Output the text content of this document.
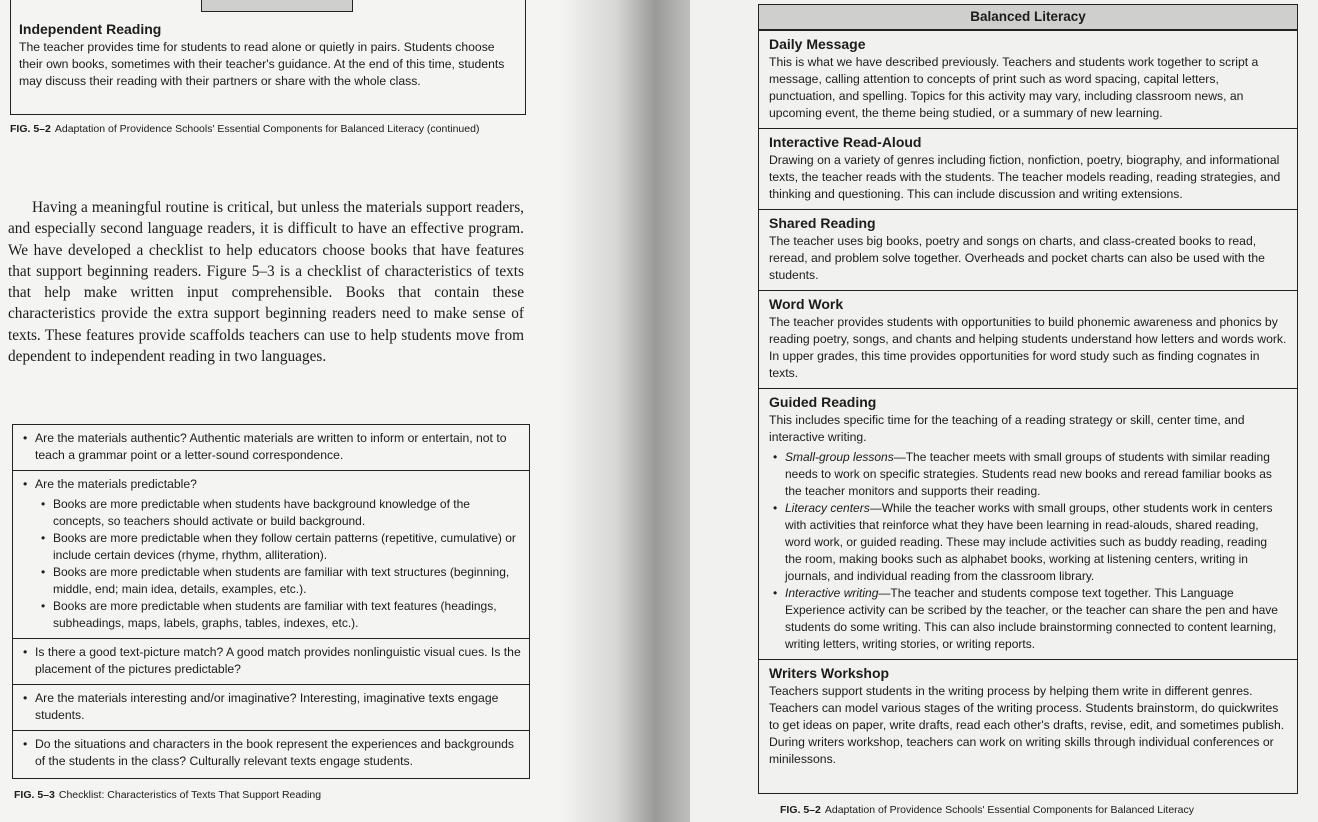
Independent Reading
The teacher provides time for students to read alone or quietly in pairs. Students choose their own books, sometimes with their teacher's guidance. At the end of this time, students may discuss their reading with their partners or share with the whole class.
FIG. 5–2 Adaptation of Providence Schools' Essential Components for Balanced Literacy (continued)
Having a meaningful routine is critical, but unless the materials support readers, and especially second language readers, it is difficult to have an effective program. We have developed a checklist to help educators choose books that have features that support beginning readers. Figure 5–3 is a checklist of characteristics of texts that help make written input comprehensible. Books that contain these characteristics provide the extra support beginning readers need to make sense of texts. These features provide scaffolds teachers can use to help students move from dependent to independent reading in two languages.
• Are the materials authentic? Authentic materials are written to inform or entertain, not to teach a grammar point or a letter-sound correspondence.
• Are the materials predictable?
• Books are more predictable when students have background knowledge of the concepts, so teachers should activate or build background.
• Books are more predictable when they follow certain patterns (repetitive, cumulative) or include certain devices (rhyme, rhythm, alliteration).
• Books are more predictable when students are familiar with text structures (beginning, middle, end; main idea, details, examples, etc.).
• Books are more predictable when students are familiar with text features (headings, subheadings, maps, labels, graphs, tables, indexes, etc.).
• Is there a good text-picture match? A good match provides nonlinguistic visual cues. Is the placement of the pictures predictable?
• Are the materials interesting and/or imaginative? Interesting, imaginative texts engage students.
• Do the situations and characters in the book represent the experiences and backgrounds of the students in the class? Culturally relevant texts engage students.
FIG. 5–3 Checklist: Characteristics of Texts That Support Reading
Balanced Literacy
Daily Message
This is what we have described previously. Teachers and students work together to script a message, calling attention to concepts of print such as word spacing, capital letters, punctuation, and spelling. Topics for this activity may vary, including classroom news, an upcoming event, the theme being studied, or a summary of new learning.
Interactive Read-Aloud
Drawing on a variety of genres including fiction, nonfiction, poetry, biography, and informational texts, the teacher reads with the students. The teacher models reading, reading strategies, and thinking and questioning. This can include discussion and writing extensions.
Shared Reading
The teacher uses big books, poetry and songs on charts, and class-created books to read, reread, and problem solve together. Overheads and pocket charts can also be used with the students.
Word Work
The teacher provides students with opportunities to build phonemic awareness and phonics by reading poetry, songs, and chants and helping students understand how letters and words work. In upper grades, this time provides opportunities for word study such as finding cognates in texts.
Guided Reading
This includes specific time for the teaching of a reading strategy or skill, center time, and interactive writing.
• Small-group lessons—The teacher meets with small groups of students with similar reading needs to work on specific strategies. Students read new books and reread familiar books as the teacher monitors and supports their reading.
• Literacy centers—While the teacher works with small groups, other students work in centers with activities that reinforce what they have been learning in read-alouds, shared reading, word work, or guided reading. These may include activities such as buddy reading, reading the room, making books such as alphabet books, working at listening centers, writing in journals, and individual reading from the classroom library.
• Interactive writing—The teacher and students compose text together. This Language Experience activity can be scribed by the teacher, or the teacher can share the pen and have students do some writing. This can also include brainstorming connected to content learning, writing letters, writing stories, or writing reports.
Writers Workshop
Teachers support students in the writing process by helping them write in different genres. Teachers can model various stages of the writing process. Students brainstorm, do quickwrites to get ideas on paper, write drafts, read each other's drafts, revise, edit, and sometimes publish. During writers workshop, teachers can work on writing skills through individual conferences or minilessons.
FIG. 5–2 Adaptation of Providence Schools' Essential Components for Balanced Literacy
